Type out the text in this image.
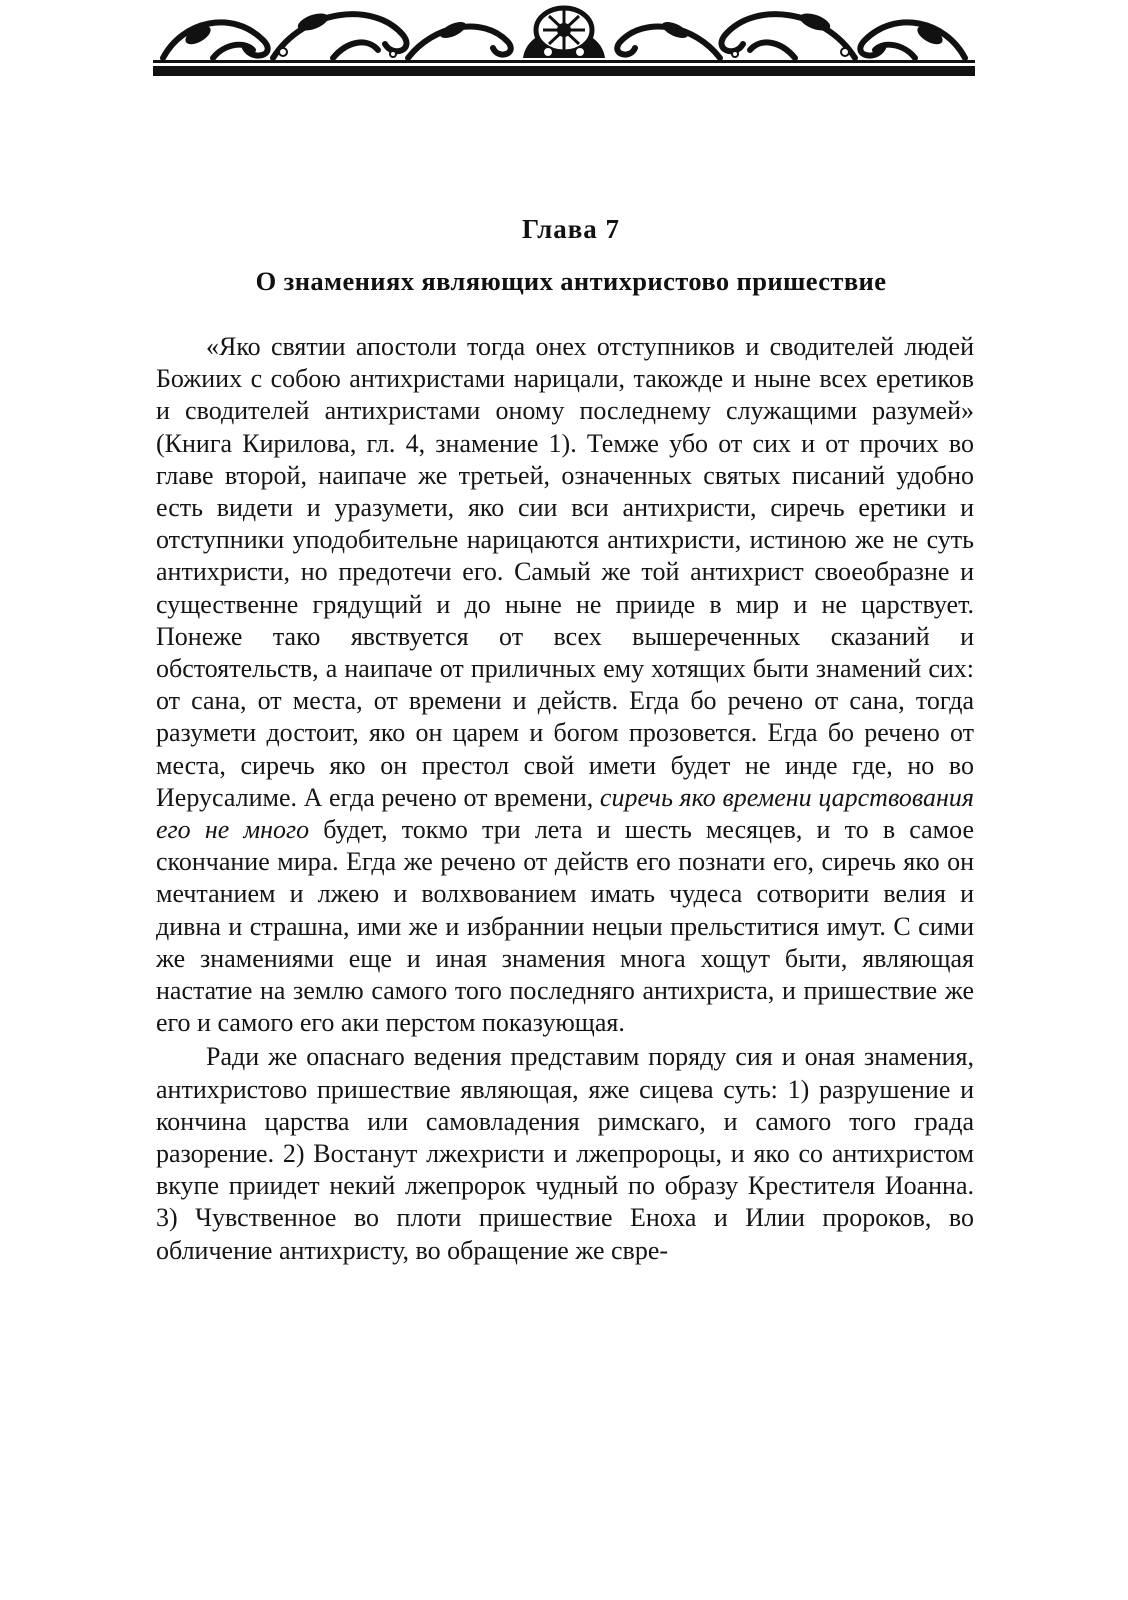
Глава 7
О знамениях являющих антихристово пришествие

«Яко святии апостоли тогда онех отступников и сводителей людей Божиих с собою антихристами нарицали, такожде и ныне всех еретиков и сводителей антихристами оному последнему служащими разумей» (Книга Кирилова, гл. 4, знамение 1). Темже убо от сих и от прочих во главе второй, наипаче же третьей, означенных святых писаний удобно есть видети и уразумети, яко сии вси антихристи, сиречь еретики и отступники уподобительне нарицаются антихристи, истиною же не суть антихристи, но предотечи его. Самый же той антихрист своеобразне и существенне грядущий и до ныне не прииде в мир и не царствует. Понеже тако явствуется от всех вышереченных сказаний и обстоятельств, а наипаче от приличных ему хотящих быти знамений сих: от сана, от места, от времени и действ. Егда бо речено от сана, тогда разумети достоит, яко он царем и богом прозовется. Егда бо речено от места, сиречь яко он престол свой имети будет не инде где, но во Иерусалиме. А егда речено от времени, сиречь яко времени царствования его не много будет, токмо три лета и шесть месяцев, и то в самое скончание мира. Егда же речено от действ его познати его, сиречь яко он мечтанием и лжею и волхвованием имать чудеса сотворити велия и дивна и страшна, ими же и избраннии нецыи прельститися имут. С сими же знамениями еще и иная знамения многа хощут быти, являющая настатие на землю самого того последняго антихриста, и пришествие же его и самого его аки перстом показующая.

Ради же опаснаго ведения представим поряду сия и оная знамения, антихристово пришествие являющая, яже сицева суть: 1) разрушение и кончина царства или самовладения римскаго, и самого того града разорение. 2) Востанут лжехристи и лжепророцы, и яко со антихристом вкупе приидет некий лжепророк чудный по образу Крестителя Иоанна. 3) Чувственное во плоти пришествие Еноха и Илии пророков, во обличение антихристу, во обращение же свре-
